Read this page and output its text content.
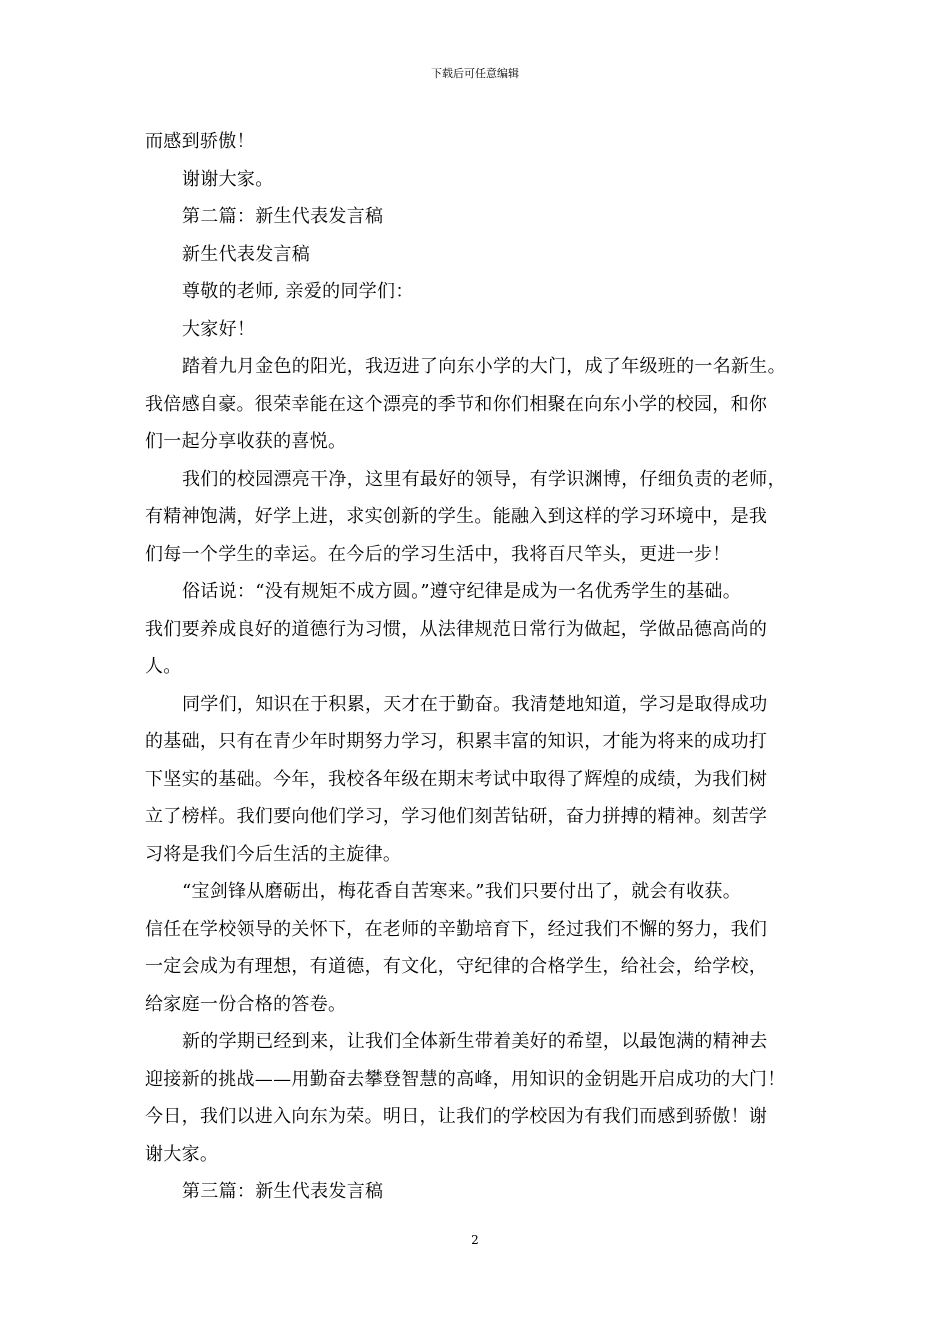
下载后可任意编辑

而感到骄傲！

谢谢大家。

第二篇：新生代表发言稿

新生代表发言稿

尊敬的老师, 亲爱的同学们：

大家好！

踏着九月金色的阳光，我迈进了向东小学的大门，成了年级班的一名新生。

我倍感自豪。很荣幸能在这个漂亮的季节和你们相聚在向东小学的校园，和你

们一起分享收获的喜悦。

我们的校园漂亮干净，这里有最好的领导，有学识渊博，仔细负责的老师，

有精神饱满，好学上进，求实创新的学生。能融入到这样的学习环境中，是我

们每一个学生的幸运。在今后的学习生活中，我将百尺竿头，更进一步！

俗话说：“没有规矩不成方圆。”遵守纪律是成为一名优秀学生的基础。

我们要养成良好的道德行为习惯，从法律规范日常行为做起，学做品德高尚的

人。

同学们，知识在于积累，天才在于勤奋。我清楚地知道，学习是取得成功

的基础，只有在青少年时期努力学习，积累丰富的知识，才能为将来的成功打

下坚实的基础。今年，我校各年级在期末考试中取得了辉煌的成绩，为我们树

立了榜样。我们要向他们学习，学习他们刻苦钻研，奋力拼搏的精神。刻苦学

习将是我们今后生活的主旋律。

“宝剑锋从磨砺出，梅花香自苦寒来。”我们只要付出了，就会有收获。

信任在学校领导的关怀下，在老师的辛勤培育下，经过我们不懈的努力，我们

一定会成为有理想，有道德，有文化，守纪律的合格学生，给社会，给学校，

给家庭一份合格的答卷。

新的学期已经到来，让我们全体新生带着美好的希望，以最饱满的精神去

迎接新的挑战——用勤奋去攀登智慧的高峰，用知识的金钥匙开启成功的大门！

今日，我们以进入向东为荣。明日，让我们的学校因为有我们而感到骄傲！谢

谢大家。

第三篇：新生代表发言稿

2
